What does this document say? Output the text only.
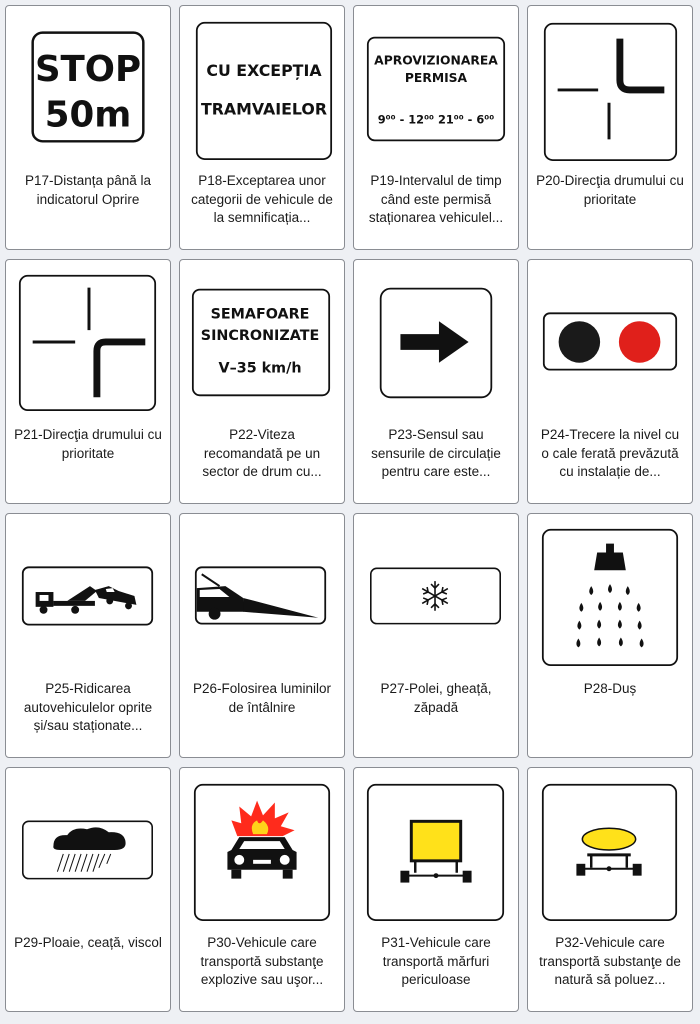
STOP
50m
P17-Distanța până la indicatorul Oprire
CU EXCEPȚIA
TRAMVAIELOR
P18-Exceptarea unor categorii de vehicule de la semnificația...
APROVIZIONAREA
PERMISA
9⁰⁰ - 12⁰⁰ 21⁰⁰ - 6⁰⁰
P19-Intervalul de timp când este permisă staționarea vehiculel...
P20-Direcţia drumului cu prioritate
P21-Direcţia drumului cu prioritate
SEMAFOARE
SINCRONIZATE
V–35 km/h
P22-Viteza recomandată pe un sector de drum cu...
P23-Sensul sau sensurile de circulație pentru care este...
P24-Trecere la nivel cu o cale ferată prevăzută cu instalație de...
P25-Ridicarea autovehiculelor oprite și/sau staționate...
P26-Folosirea luminilor de întâlnire
P27-Polei, gheață, zăpadă
P28-Duș
P29-Ploaie, ceață, viscol	P30-Vehicule care transportă substanţe explozive sau uşor...
P31-Vehicule care transportă mărfuri periculoase
P32-Vehicule care transportă substanţe de natură să poluez...
